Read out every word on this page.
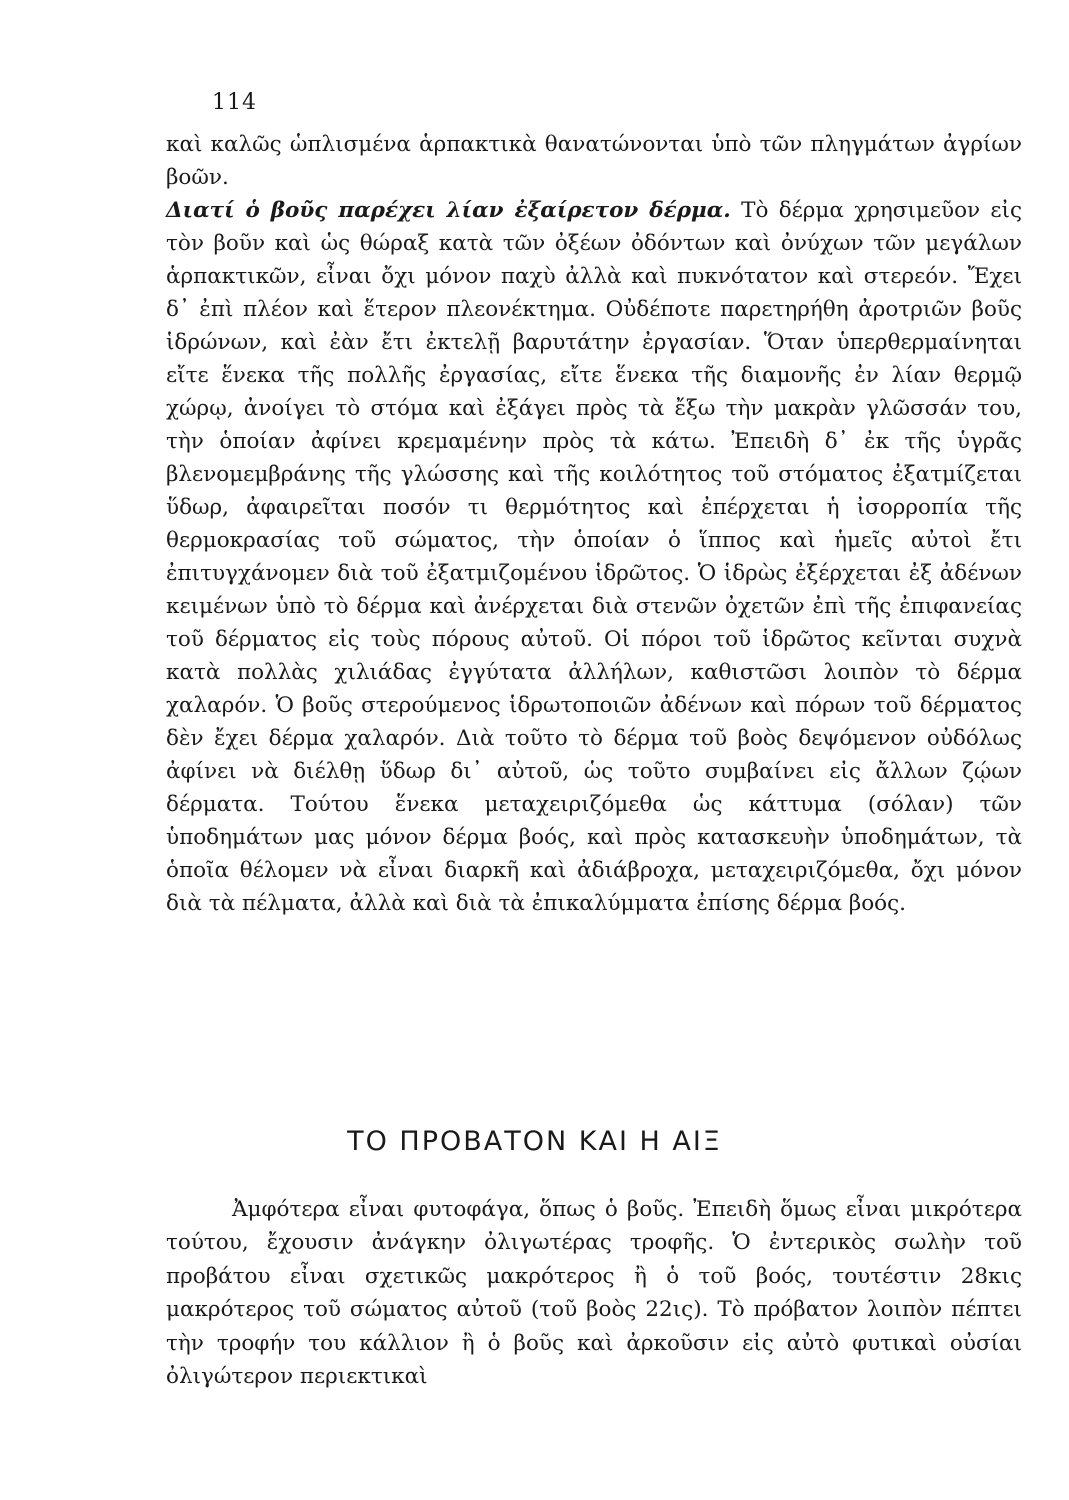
114

καὶ καλῶς ὡπλισμένα ἁρπακτικὰ θανατώνονται ὑπὸ τῶν πληγμάτων ἀγρίων βοῶν.

Διατί ὁ βοῦς παρέχει λίαν ἐξαίρετον δέρμα. Τὸ δέρμα χρησιμεῦον εἰς τὸν βοῦν καὶ ὡς θώραξ κατὰ τῶν ὀξέων ὀδόντων καὶ ὀνύχων τῶν μεγάλων ἁρπακτικῶν, εἶναι ὄχι μόνον παχὺ ἀλλὰ καὶ πυκνότατον καὶ στερεόν. Ἔχει δ᾽ ἐπὶ πλέον καὶ ἕτερον πλεονέκτημα. Οὐδέποτε παρετηρήθη ἀροτριῶν βοῦς ἱδρώνων, καὶ ἐὰν ἔτι ἐκτελῇ βαρυτάτην ἐργασίαν. Ὅταν ὑπερθερμαίνηται εἴτε ἕνεκα τῆς πολλῆς ἐργασίας, εἴτε ἕνεκα τῆς διαμονῆς ἐν λίαν θερμῷ χώρῳ, ἀνοίγει τὸ στόμα καὶ ἐξάγει πρὸς τὰ ἔξω τὴν μακρὰν γλῶσσάν του, τὴν ὁποίαν ἀφίνει κρεμαμένην πρὸς τὰ κάτω. Ἐπειδὴ δ᾽ ἐκ τῆς ὑγρᾶς βλενομεμβράνης τῆς γλώσσης καὶ τῆς κοιλότητος τοῦ στόματος ἐξατμίζεται ὕδωρ, ἀφαιρεῖται ποσόν τι θερμότητος καὶ ἐπέρχεται ἡ ἰσορροπία τῆς θερμοκρασίας τοῦ σώματος, τὴν ὁποίαν ὁ ἵππος καὶ ἡμεῖς αὐτοὶ ἔτι ἐπιτυγχάνομεν διὰ τοῦ ἐξατμιζομένου ἱδρῶτος. Ὁ ἱδρὼς ἐξέρχεται ἐξ ἀδένων κειμένων ὑπὸ τὸ δέρμα καὶ ἀνέρχεται διὰ στενῶν ὀχετῶν ἐπὶ τῆς ἐπιφανείας τοῦ δέρματος εἰς τοὺς πόρους αὐτοῦ. Οἱ πόροι τοῦ ἱδρῶτος κεῖνται συχνὰ κατὰ πολλὰς χιλιάδας ἐγγύτατα ἀλλήλων, καθιστῶσι λοιπὸν τὸ δέρμα χαλαρόν. Ὁ βοῦς στερούμενος ἱδρωτοποιῶν ἀδένων καὶ πόρων τοῦ δέρματος δὲν ἔχει δέρμα χαλαρόν. Διὰ τοῦτο τὸ δέρμα τοῦ βοὸς δεψόμενον οὐδόλως ἀφίνει νὰ διέλθῃ ὕδωρ δι᾽ αὐτοῦ, ὡς τοῦτο συμβαίνει εἰς ἄλλων ζῴων δέρματα. Τούτου ἕνεκα μεταχειριζόμεθα ὡς κάττυμα (σόλαν) τῶν ὑποδημάτων μας μόνον δέρμα βοός, καὶ πρὸς κατασκευὴν ὑποδημάτων, τὰ ὁποῖα θέλομεν νὰ εἶναι διαρκῆ καὶ ἀδιάβροχα, μεταχειριζόμεθα, ὄχι μόνον διὰ τὰ πέλματα, ἀλλὰ καὶ διὰ τὰ ἐπικαλύμματα ἐπίσης δέρμα βοός.

ΤΟ ΠΡΟΒΑΤΟΝ ΚΑΙ Η ΑΙΞ

Ἀμφότερα εἶναι φυτοφάγα, ὅπως ὁ βοῦς. Ἐπειδὴ ὅμως εἶναι μικρότερα τούτου, ἔχουσιν ἀνάγκην ὀλιγωτέρας τροφῆς. Ὁ ἐντερικὸς σωλὴν τοῦ προβάτου εἶναι σχετικῶς μακρότερος ἢ ὁ τοῦ βοός, τουτέστιν 28κις μακρότερος τοῦ σώματος αὐτοῦ (τοῦ βοὸς 22ις). Τὸ πρόβατον λοιπὸν πέπτει τὴν τροφήν του κάλλιον ἢ ὁ βοῦς καὶ ἀρκοῦσιν εἰς αὐτὸ φυτικαὶ οὐσίαι ὀλιγώτερον περιεκτικαὶ
